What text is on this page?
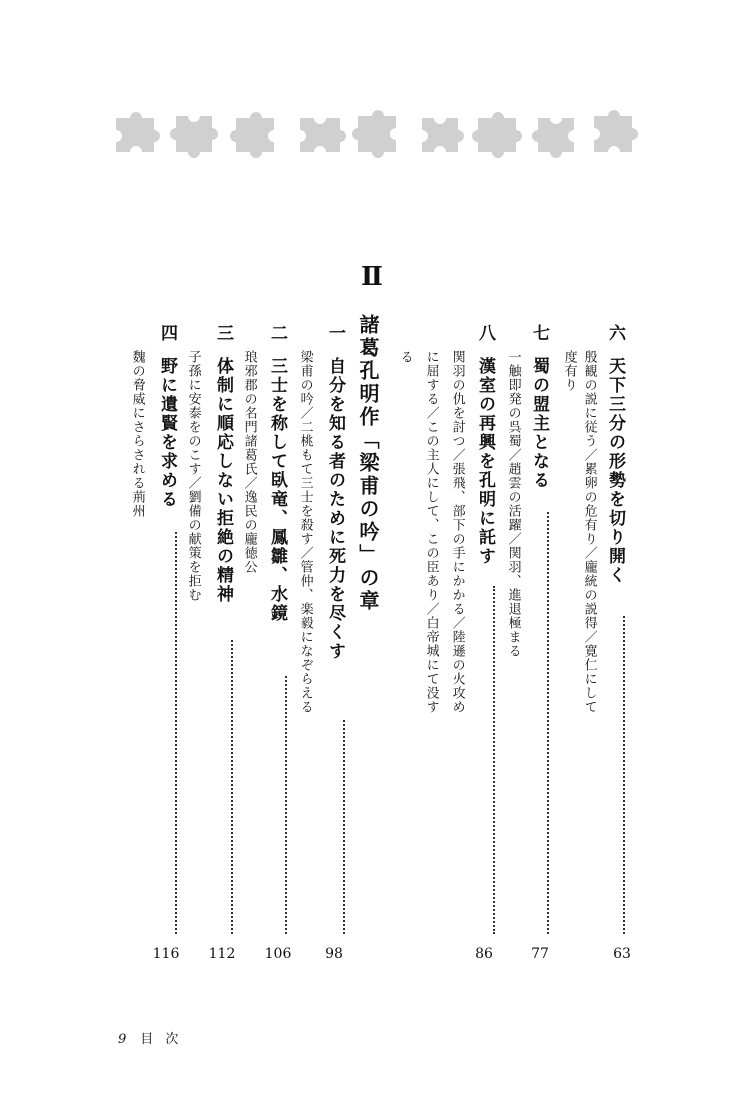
Ⅱ
六天下三分の形勢を切り開く
63
殷観の説に従う／累卵の危有り／龐統の説得／寛仁にして
度有り
七蜀の盟主となる
77
一触即発の呉蜀／趙雲の活躍／関羽、進退極まる
八漢室の再興を孔明に託す
86
関羽の仇を討つ／張飛、部下の手にかかる／陸遜の火攻め
に屈する／この主人にして、この臣あり／白帝城にて没す
る
諸葛孔明作「梁甫の吟」の章
一自分を知る者のために死力を尽くす
98
梁甫の吟／二桃もて三士を殺す／管仲、楽毅になぞらえる
二三士を称して臥竜、鳳雛、水鏡
106
琅邪郡の名門諸葛氏／逸民の龐徳公
三体制に順応しない拒絶の精神
112
子孫に安泰をのこす／劉備の献策を拒む
四野に遺賢を求める
116
魏の脅威にさらされる荊州
9 目 次
